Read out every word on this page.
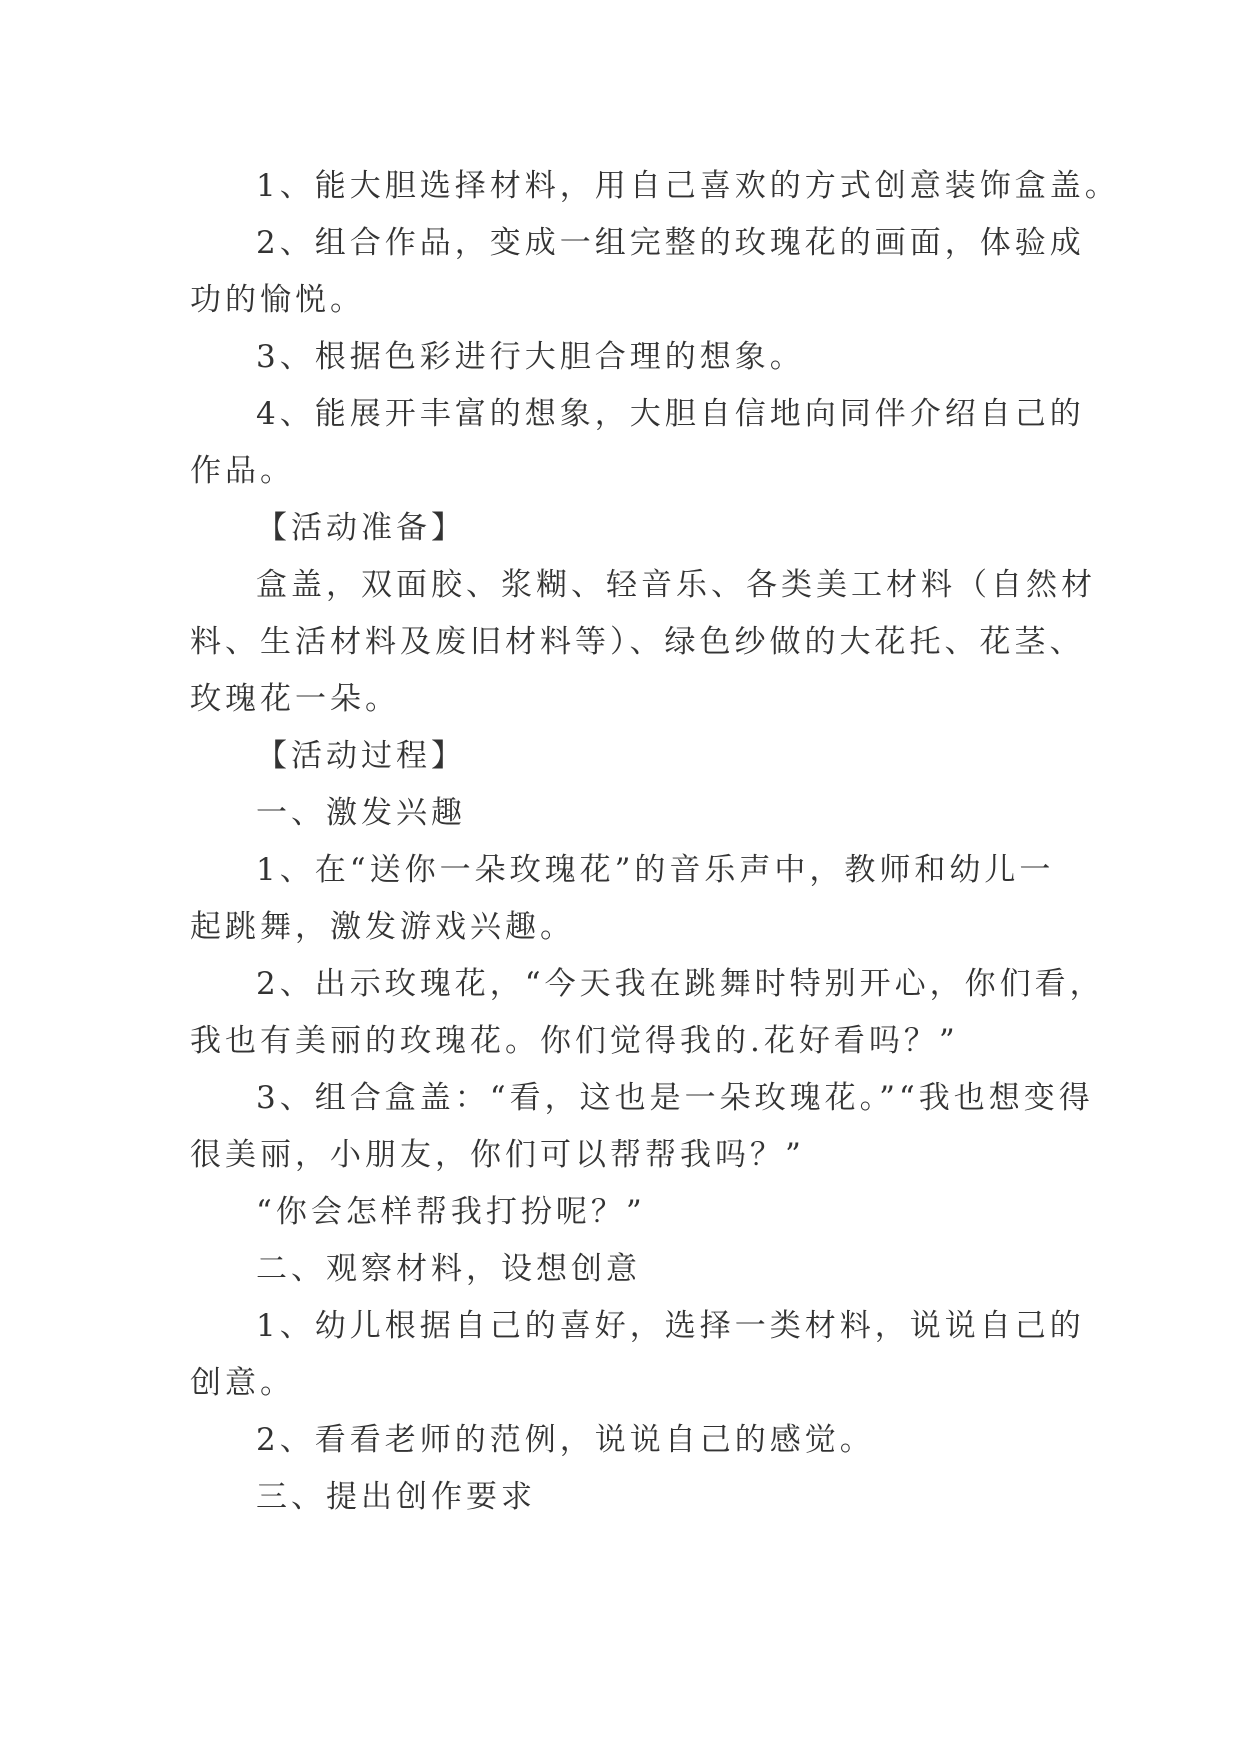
1、能大胆选择材料，用自己喜欢的方式创意装饰盒盖。
2、组合作品，变成一组完整的玫瑰花的画面，体验成
功的愉悦。
3、根据色彩进行大胆合理的想象。
4、能展开丰富的想象，大胆自信地向同伴介绍自己的
作品。
【活动准备】
盒盖，双面胶、浆糊、轻音乐、各类美工材料（自然材
料、生活材料及废旧材料等）、绿色纱做的大花托、花茎、
玫瑰花一朵。
【活动过程】
一、激发兴趣
1、在“送你一朵玫瑰花”的音乐声中，教师和幼儿一
起跳舞，激发游戏兴趣。
2、出示玫瑰花，“今天我在跳舞时特别开心，你们看，
我也有美丽的玫瑰花。你们觉得我的.花好看吗？”
3、组合盒盖：“看，这也是一朵玫瑰花。”“我也想变得
很美丽，小朋友，你们可以帮帮我吗？”
“你会怎样帮我打扮呢？”
二、观察材料，设想创意
1、幼儿根据自己的喜好，选择一类材料，说说自己的
创意。
2、看看老师的范例，说说自己的感觉。
三、提出创作要求
